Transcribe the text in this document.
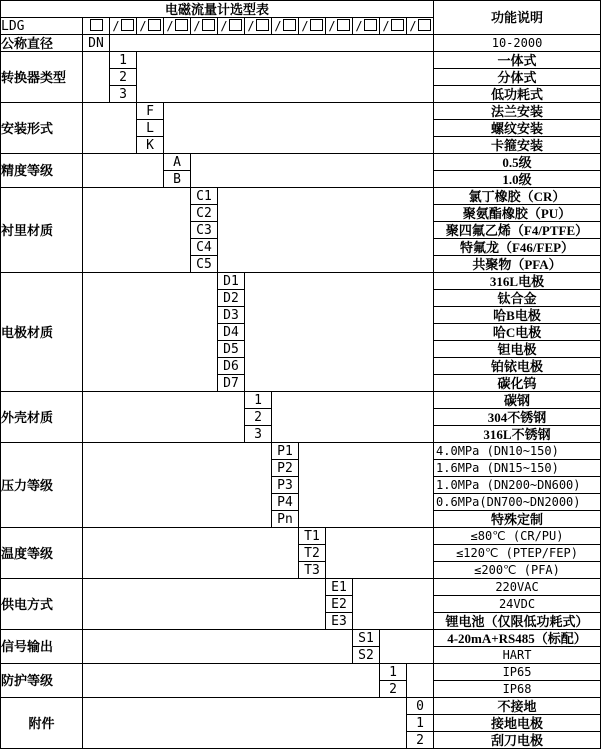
电磁流量计选型表														功能说明
LDG		/	/	/	/	/	/	/	/	/	/	/	/	
公称直径	DN													10-2000
转换器类型		1												一体式
		2												分体式
		3												低功耗式
安装形式			F											法兰安装
			L											螺纹安装
			K											卡箍安装
精度等级				A										0.5级
				B										1.0级
衬里材质					C1									氯丁橡胶（CR）
					C2									聚氨酯橡胶（PU）
					C3									聚四氟乙烯（F4/PTFE）
					C4									特氟龙（F46/FEP）
					C5									共聚物（PFA）
电极材质						D1								316L电极
						D2								钛合金
						D3								哈B电极
						D4								哈C电极
						D5								钽电极
						D6								铂铱电极
						D7								碳化钨
外壳材质							1							碳钢
							2							304不锈钢
							3							316L不锈钢
压力等级								P1						4.0MPa (DN10~150)
								P2						1.6MPa (DN15~150)
								P3						1.0MPa (DN200~DN600)
								P4						0.6MPa(DN700~DN2000)
								Pn						特殊定制
温度等级									T1					≤80℃ (CR/PU)
									T2					≤120℃ (PTEP/FEP)
									T3					≤200℃ (PFA)
供电方式										E1				220VAC
										E2				24VDC
										E3				锂电池（仅限低功耗式）
信号输出											S1			4-20mA+RS485（标配）
											S2			HART
防护等级												1		IP65
												2		IP68
附件													0	不接地
													1	接地电极
													2	刮刀电极
